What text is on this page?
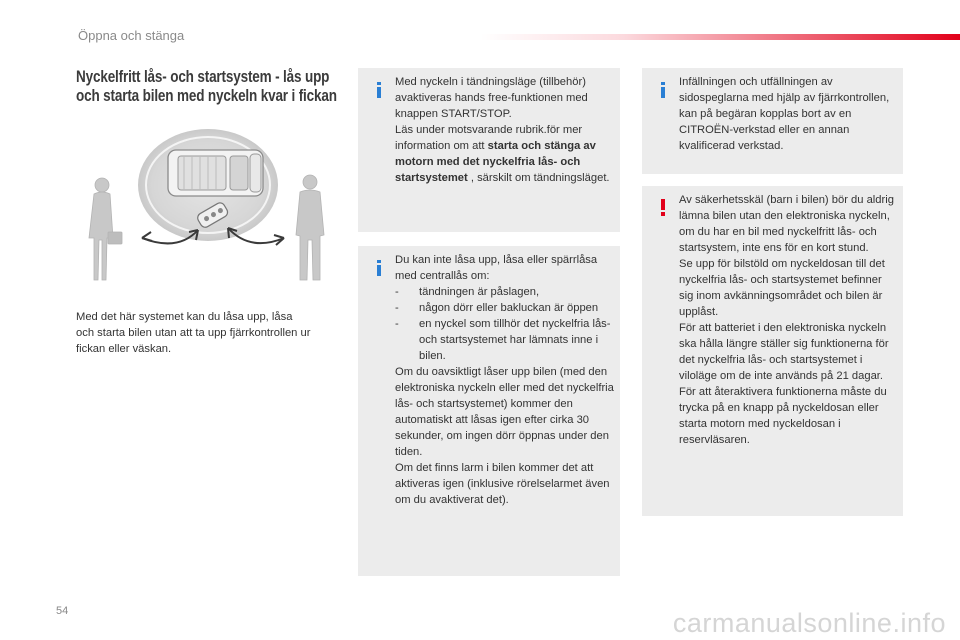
Öppna och stänga
Nyckelfritt lås- och startsystem - lås upp
och starta bilen med nyckeln kvar i fickan
Med det här systemet kan du låsa upp, låsa
och starta bilen utan att ta upp fjärrkontrollen ur
fickan eller väskan.

Med nyckeln i tändningsläge (tillbehör) avaktiveras hands free-funktionen med knappen START/STOP.

Läs under motsvarande rubrik.för mer information om att starta och stänga av motorn med det nyckelfria lås- och startsystemet , särskilt om tändningsläget.

Du kan inte låsa upp, låsa eller spärrlåsa med centrallås om:

- tändningen är påslagen,
- någon dörr eller bakluckan är öppen
- en nyckel som tillhör det nyckelfria lås- och startsystemet har lämnats inne i bilen.

Om du oavsiktligt låser upp bilen (med den elektroniska nyckeln eller med det nyckelfria lås- och startsystemet) kommer den automatiskt att låsas igen efter cirka 30 sekunder, om ingen dörr öppnas under den tiden.

Om det finns larm i bilen kommer det att aktiveras igen (inklusive rörelselarmet även om du avaktiverat det).

Infällningen och utfällningen av sidospeglarna med hjälp av fjärrkontrollen, kan på begäran kopplas bort av en CITROËN-verkstad eller en annan kvalificerad verkstad.

Av säkerhetsskäl (barn i bilen) bör du aldrig lämna bilen utan den elektroniska nyckeln, om du har en bil med nyckelfritt lås- och startsystem, inte ens för en kort stund.

Se upp för bilstöld om nyckeldosan till det nyckelfria lås- och startsystemet befinner sig inom avkänningsområdet och bilen är upplåst.

För att batteriet i den elektroniska nyckeln ska hålla längre ställer sig funktionerna för det nyckelfria lås- och startsystemet i viloläge om de inte används på 21 dagar.

För att återaktivera funktionerna måste du trycka på en knapp på nyckeldosan eller starta motorn med nyckeldosan i reservläsaren.

54	carmanualsonline.info
